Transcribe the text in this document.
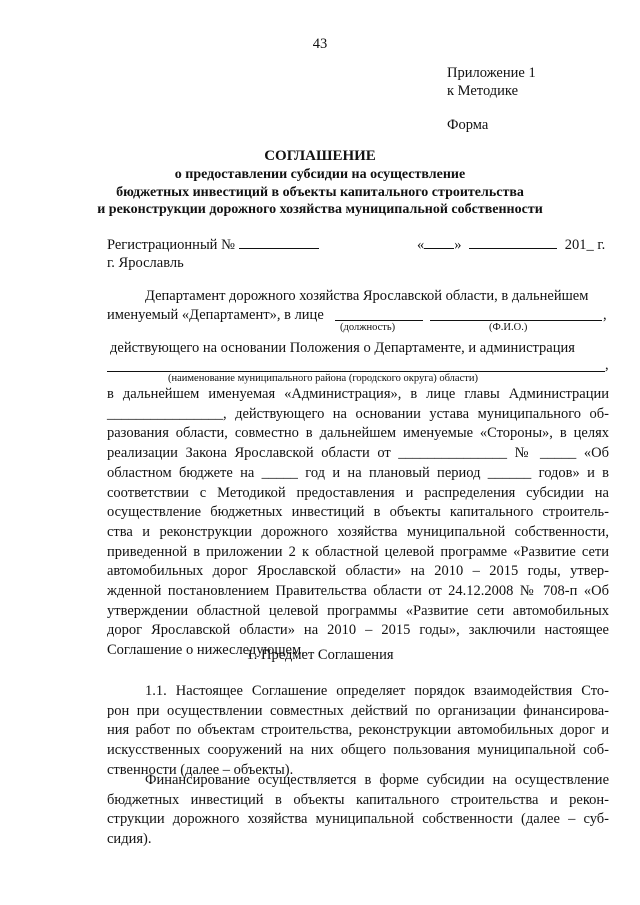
43
Приложение 1
к Методике
Форма
СОГЛАШЕНИЕ
о предоставлении субсидии на осуществление
бюджетных инвестиций в объекты капитального строительства
и реконструкции дорожного хозяйства муниципальной собственности
Регистрационный №	« »	201_ г.
г. Ярославль
Департамент дорожного хозяйства Ярославской области, в дальнейшем
именуемый «Департамент», в лице	,
(должность)	(Ф.И.О.)
действующего на основании Положения о Департаменте, и администрация
,
(наименование муниципального района (городского округа) области)

в дальнейшем именуемая «Администрация», в лице главы Администрации

________________, действующего на основании устава муниципального об-

разования области, совместно в дальнейшем именуемые «Стороны», в целях

реализации Закона Ярославской области от _______________ № _____ «Об

областном бюджете на _____ год и на плановый период ______ годов» и в

соответствии с Методикой предоставления и распределения субсидии на

осуществление бюджетных инвестиций в объекты капитального строитель-

ства и реконструкции дорожного хозяйства муниципальной собственности,

приведенной в приложении 2 к областной целевой программе «Развитие сети

автомобильных дорог Ярославской области» на 2010 – 2015 годы, утвер-

жденной постановлением Правительства области от 24.12.2008 № 708-п «Об

утверждении областной целевой программы «Развитие сети автомобильных

дорог Ярославской области» на 2010 – 2015 годы», заключили настоящее

Соглашение о нижеследующем.

1. Предмет Соглашения

1.1. Настоящее Соглашение определяет порядок взаимодействия Сто-

рон при осуществлении совместных действий по организации финансирова-

ния работ по объектам строительства, реконструкции автомобильных дорог и

искусственных сооружений на них общего пользования муниципальной соб-

ственности (далее – объекты).

Финансирование осуществляется в форме субсидии на осуществление

бюджетных инвестиций в объекты капитального строительства и рекон-

струкции дорожного хозяйства муниципальной собственности (далее – суб-

сидия).
